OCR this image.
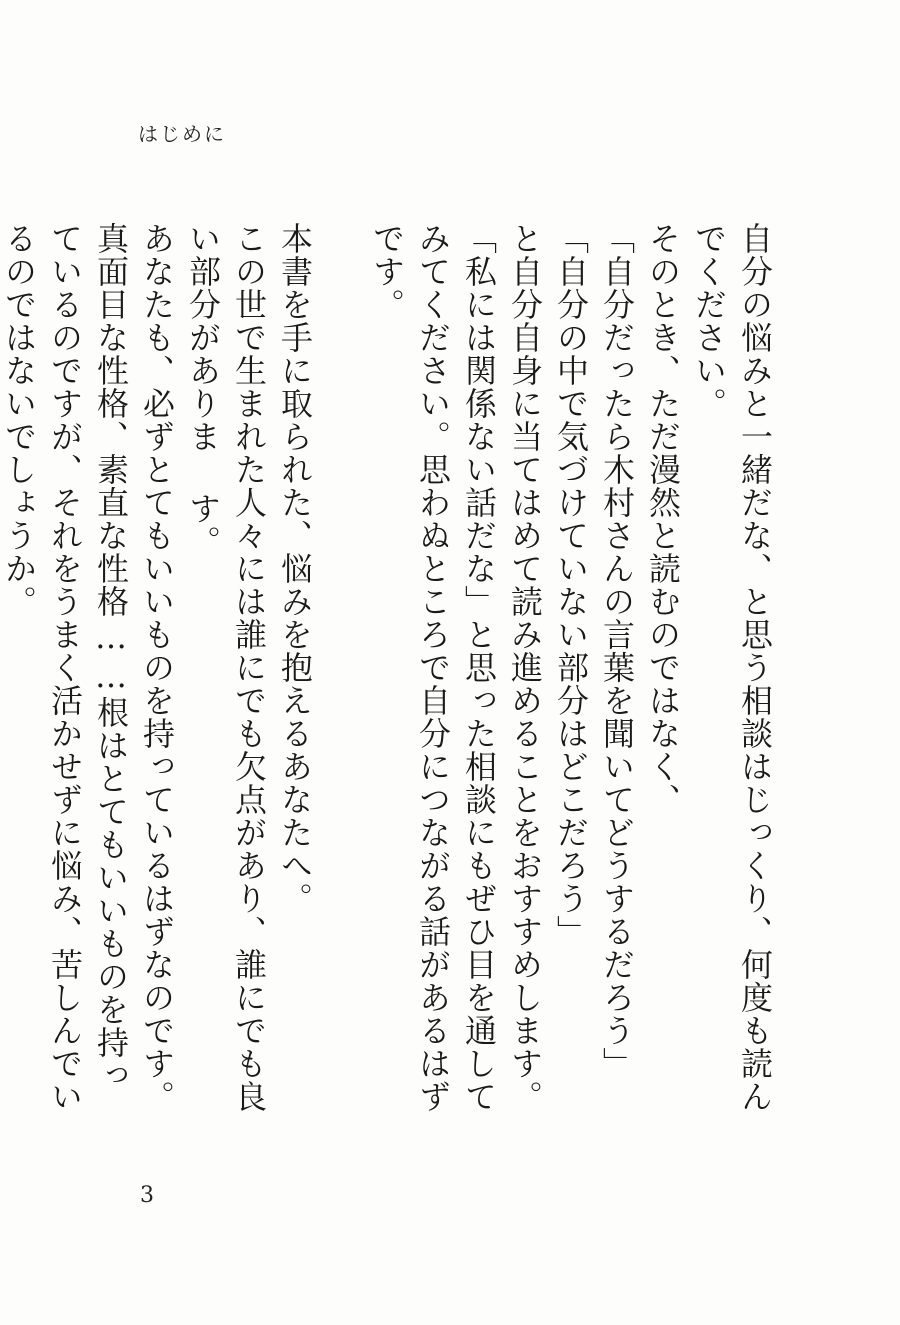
はじめに

自分の悩みと一緒だな、と思う相談はじっくり、何度も読んでください。

そのとき、ただ漫然と読むのではなく、

「自分だったら木村さんの言葉を聞いてどうするだろう」

「自分の中で気づけていない部分はどこだろう」

と自分自身に当てはめて読み進めることをおすすめします。

「私には関係ない話だな」と思った相談にもぜひ目を通してみてください。思わぬところで自分につながる話があるはずです。

本書を手に取られた、悩みを抱えるあなたへ。

この世で生まれた人々には誰にでも欠点があり、誰にでも良い部分がありま す。

あなたも、必ずとてもいいものを持っているはずなのです。

真面目な性格、素直な性格……根はとてもいいものを持っているのですが、それをうまく活かせずに悩み、苦しんでいるのではないでしょうか。

3
